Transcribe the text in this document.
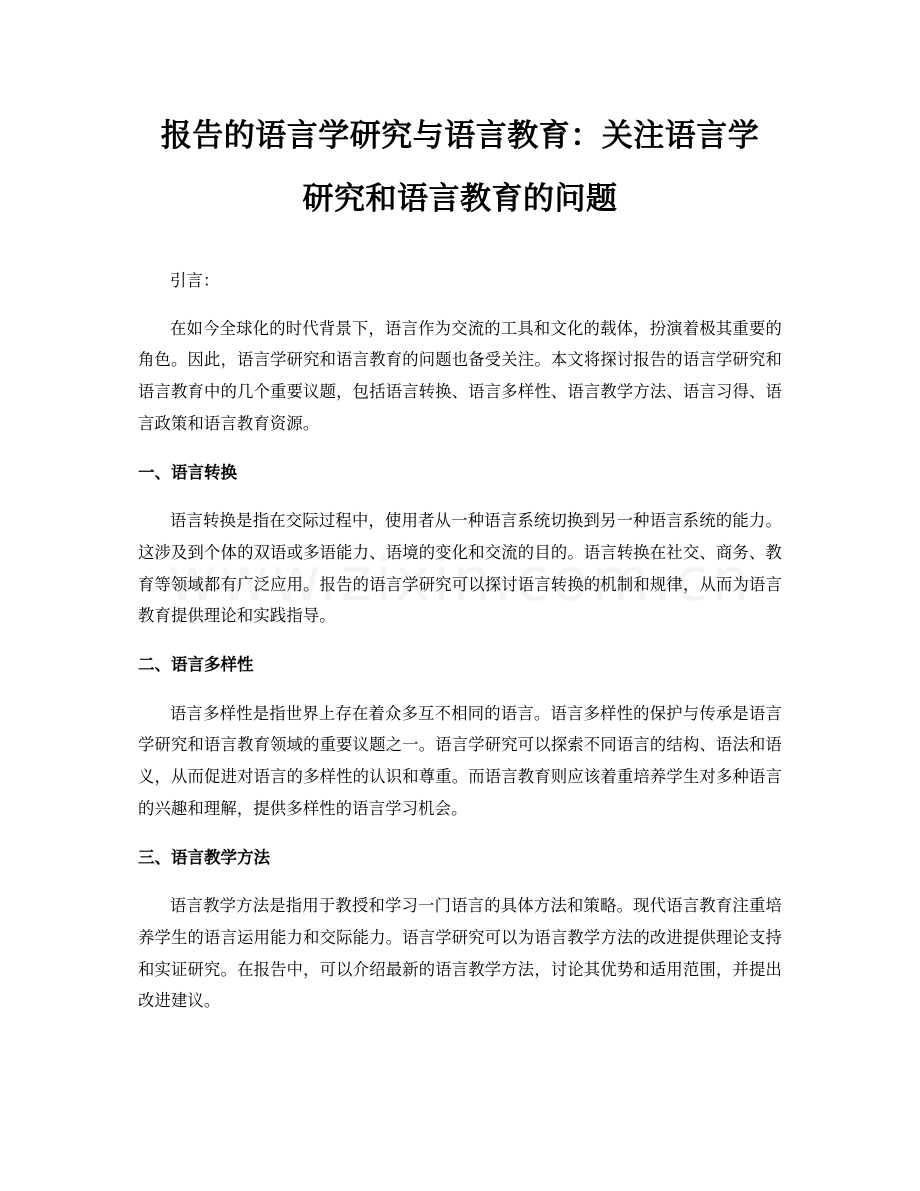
报告的语言学研究与语言教育：关注语言学
研究和语言教育的问题

引言：

在如今全球化的时代背景下，语言作为交流的工具和文化的载体，扮演着极其重要的角色。因此，语言学研究和语言教育的问题也备受关注。本文将探讨报告的语言学研究和语言教育中的几个重要议题，包括语言转换、语言多样性、语言教学方法、语言习得、语言政策和语言教育资源。

一、语言转换

语言转换是指在交际过程中，使用者从一种语言系统切换到另一种语言系统的能力。这涉及到个体的双语或多语能力、语境的变化和交流的目的。语言转换在社交、商务、教育等领域都有广泛应用。报告的语言学研究可以探讨语言转换的机制和规律，从而为语言教育提供理论和实践指导。

二、语言多样性

语言多样性是指世界上存在着众多互不相同的语言。语言多样性的保护与传承是语言学研究和语言教育领域的重要议题之一。语言学研究可以探索不同语言的结构、语法和语义，从而促进对语言的多样性的认识和尊重。而语言教育则应该着重培养学生对多种语言的兴趣和理解，提供多样性的语言学习机会。

三、语言教学方法

语言教学方法是指用于教授和学习一门语言的具体方法和策略。现代语言教育注重培养学生的语言运用能力和交际能力。语言学研究可以为语言教学方法的改进提供理论支持和实证研究。在报告中，可以介绍最新的语言教学方法，讨论其优势和适用范围，并提出改进建议。
